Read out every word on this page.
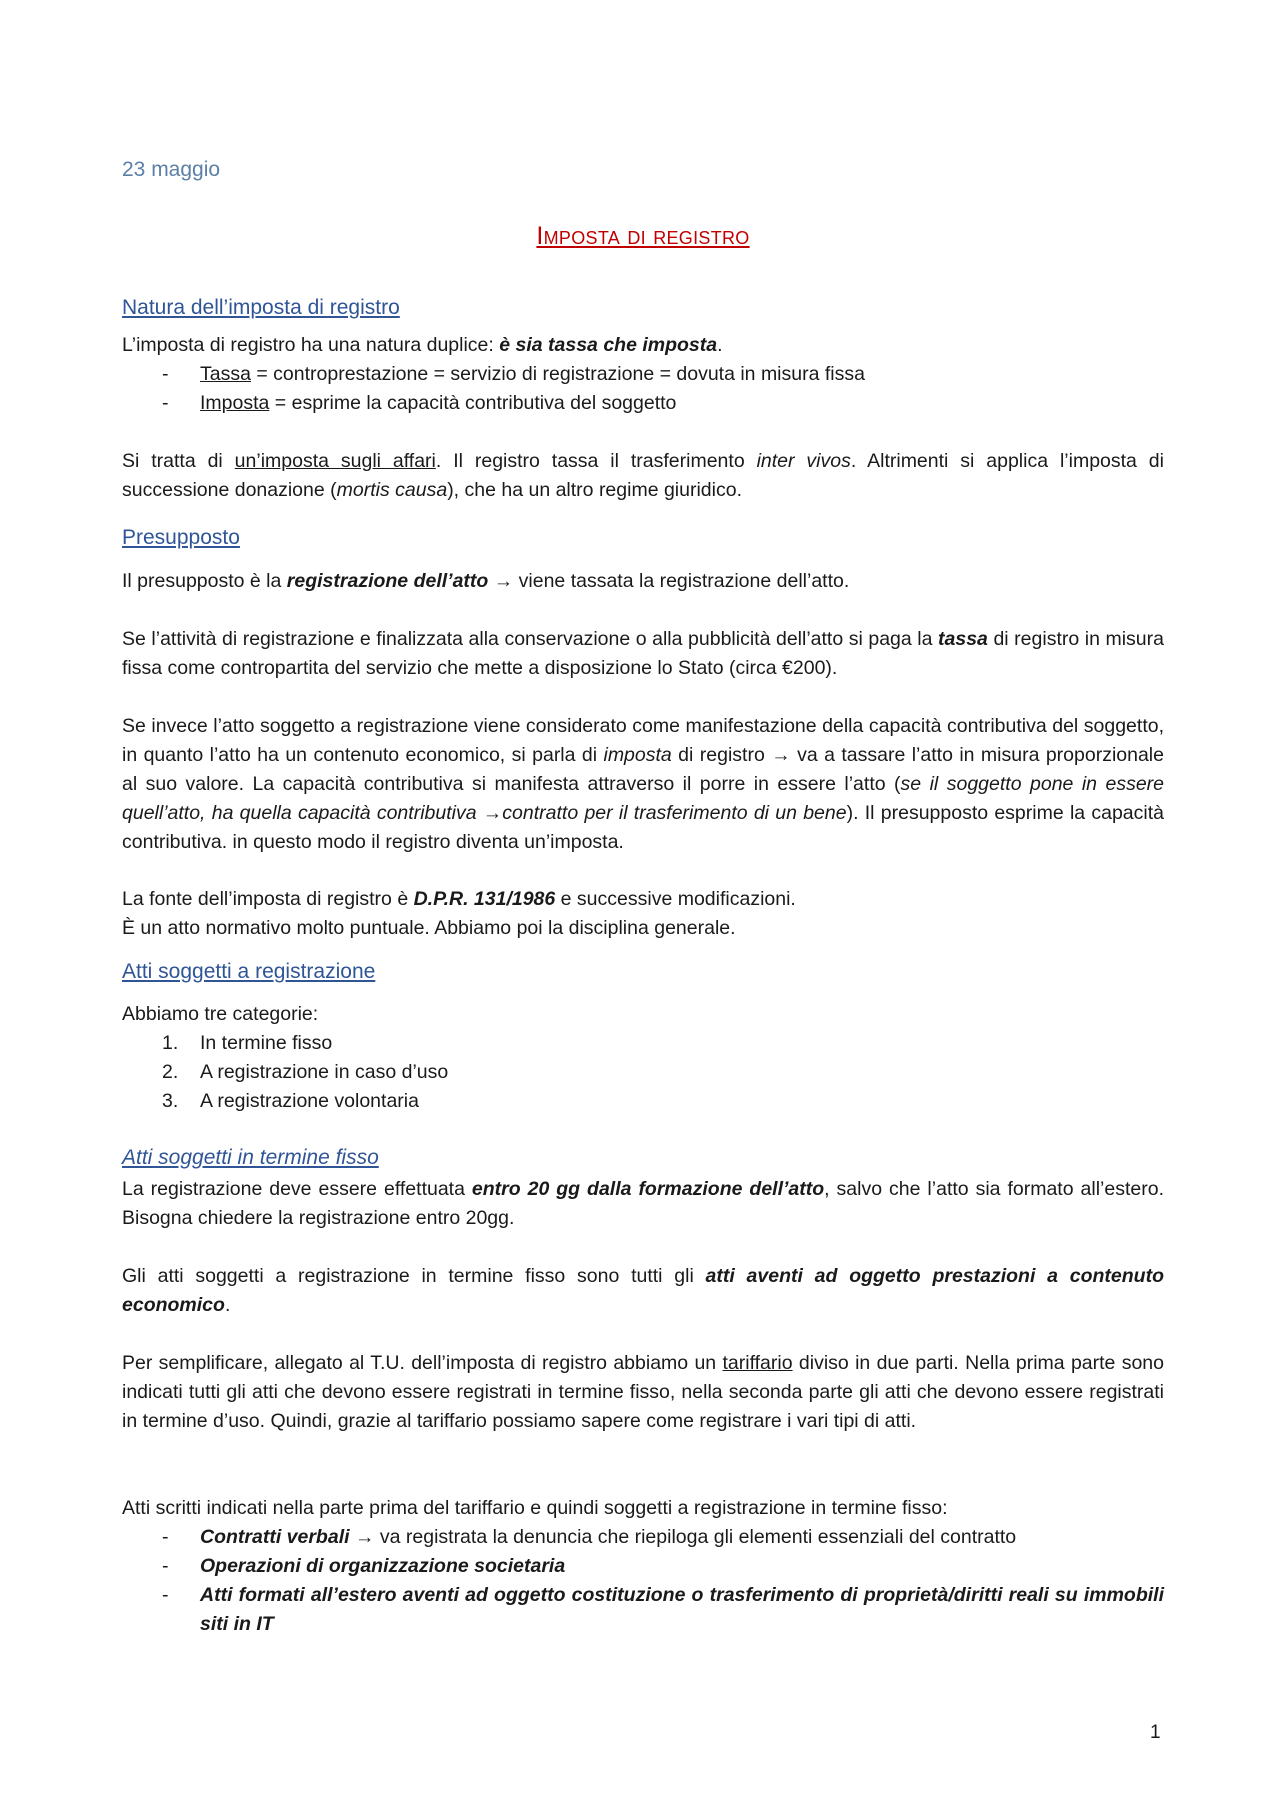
23 maggio
Imposta di registro
Natura dell’imposta di registro
L’imposta di registro ha una natura duplice: è sia tassa che imposta.
- Tassa = controprestazione = servizio di registrazione = dovuta in misura fissa
- Imposta = esprime la capacità contributiva del soggetto
Si tratta di un’imposta sugli affari. Il registro tassa il trasferimento inter vivos. Altrimenti si applica l’imposta di successione donazione (mortis causa), che ha un altro regime giuridico.
Presupposto
Il presupposto è la registrazione dell’atto → viene tassata la registrazione dell’atto.
Se l’attività di registrazione e finalizzata alla conservazione o alla pubblicità dell’atto si paga la tassa di registro in misura fissa come contropartita del servizio che mette a disposizione lo Stato (circa €200).
Se invece l’atto soggetto a registrazione viene considerato come manifestazione della capacità contributiva del soggetto, in quanto l’atto ha un contenuto economico, si parla di imposta di registro → va a tassare l’atto in misura proporzionale al suo valore. La capacità contributiva si manifesta attraverso il porre in essere l’atto (se il soggetto pone in essere quell’atto, ha quella capacità contributiva →contratto per il trasferimento di un bene). Il presupposto esprime la capacità contributiva. in questo modo il registro diventa un’imposta.
La fonte dell’imposta di registro è D.P.R. 131/1986 e successive modificazioni.
È un atto normativo molto puntuale. Abbiamo poi la disciplina generale.
Atti soggetti a registrazione
Abbiamo tre categorie:
1. In termine fisso
2. A registrazione in caso d’uso
3. A registrazione volontaria
Atti soggetti in termine fisso
La registrazione deve essere effettuata entro 20 gg dalla formazione dell’atto, salvo che l’atto sia formato all’estero. Bisogna chiedere la registrazione entro 20gg.
Gli atti soggetti a registrazione in termine fisso sono tutti gli atti aventi ad oggetto prestazioni a contenuto economico.
Per semplificare, allegato al T.U. dell’imposta di registro abbiamo un tariffario diviso in due parti. Nella prima parte sono indicati tutti gli atti che devono essere registrati in termine fisso, nella seconda parte gli atti che devono essere registrati in termine d’uso. Quindi, grazie al tariffario possiamo sapere come registrare i vari tipi di atti.
Atti scritti indicati nella parte prima del tariffario e quindi soggetti a registrazione in termine fisso:
- Contratti verbali → va registrata la denuncia che riepiloga gli elementi essenziali del contratto
- Operazioni di organizzazione societaria
- Atti formati all’estero aventi ad oggetto costituzione o trasferimento di proprietà/diritti reali su immobili siti in IT
1
